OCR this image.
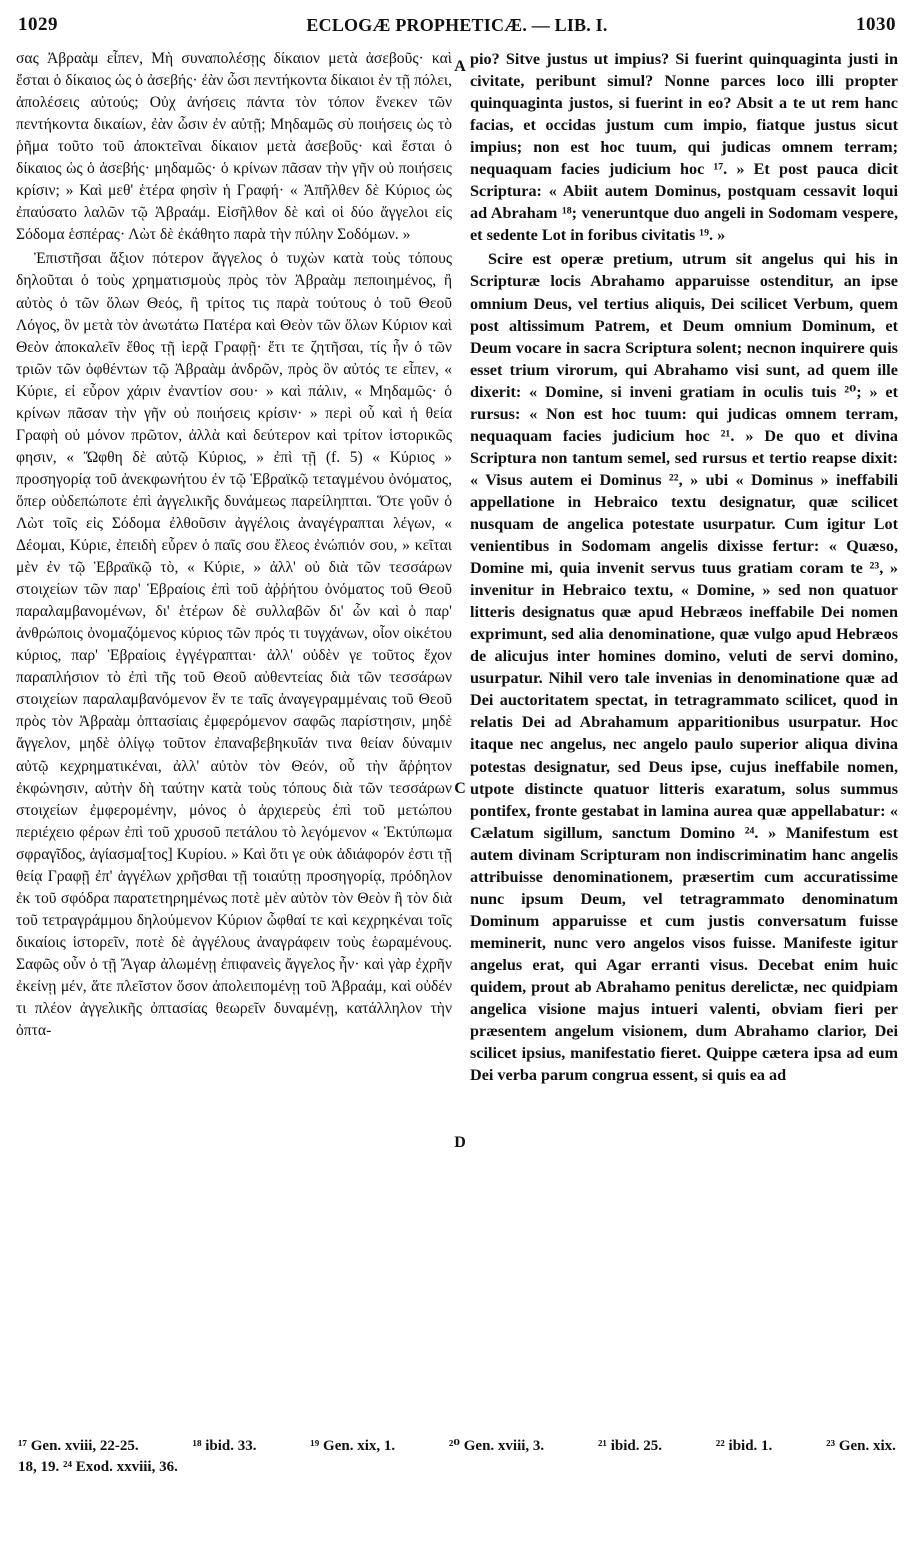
1029	ECLOGÆ PROPHETICÆ. — LIB. I.	1030

σας Ἀβραὰμ εἶπεν, Μὴ συναπολέσῃς δίκαιον μετὰ ἀσεβοῦς· καὶ ἔσται ὁ δίκαιος ὡς ὁ ἀσεβής· ἐὰν ὦσι πεντήκοντα δίκαιοι ἐν τῇ πόλει, ἀπολέσεις αὐτούς; Οὐχ ἀνήσεις πάντα τὸν τόπον ἕνεκεν τῶν πεντήκοντα δικαίων, ἐὰν ὦσιν ἐν αὐτῇ; Μηδαμῶς σὺ ποιήσεις ὡς τὸ ῥῆμα τοῦτο τοῦ ἀποκτεῖναι δίκαιον μετὰ ἀσεβοῦς· καὶ ἔσται ὁ δίκαιος ὡς ὁ ἀσεβής· μηδαμῶς· ὁ κρίνων πᾶσαν τὴν γῆν οὐ ποιήσεις κρίσιν; » Καὶ μεθ' ἑτέρα φησὶν ἡ Γραφή· « Ἀπῆλθεν δὲ Κύριος ὡς ἐπαύσατο λαλῶν τῷ Ἀβραάμ. Εἰσῆλθον δὲ καὶ οἱ δύο ἄγγελοι εἰς Σόδομα ἑσπέρας· Λὼτ δὲ ἐκάθητο παρὰ τὴν πύλην Σοδόμων. »

Ἐπιστῆσαι ἄξιον πότερον ἄγγελος ὁ τυχὼν κατὰ τοὺς τόπους δηλοῦται ὁ τοὺς χρηματισμοὺς πρὸς τὸν Ἀβραὰμ πεποιημένος, ἢ αὐτὸς ὁ τῶν ὅλων Θεός, ἢ τρίτος τις παρὰ τούτους ὁ τοῦ Θεοῦ Λόγος, ὃν μετὰ τὸν ἀνωτάτω Πατέρα καὶ Θεὸν τῶν ὅλων Κύριον καὶ Θεὸν ἀποκαλεῖν ἔθος τῇ ἱερᾷ Γραφῇ· ἔτι τε ζητῆσαι, τίς ἦν ὁ τῶν τριῶν τῶν ὀφθέντων τῷ Ἀβραὰμ ἀνδρῶν, πρὸς ὃν αὐτός τε εἶπεν, « Κύριε, εἰ εὗρον χάριν ἐναντίον σου· » καὶ πάλιν, « Μηδαμῶς· ὁ κρίνων πᾶσαν τὴν γῆν οὐ ποιήσεις κρίσιν· » περὶ οὗ καὶ ἡ θεία Γραφὴ οὐ μόνον πρῶτον, ἀλλὰ καὶ δεύτερον καὶ τρίτον ἱστορικῶς φησιν, « Ὤφθη δὲ αὐτῷ Κύριος, » ἐπὶ τῇ (f. 5) « Κύριος » προσηγορίᾳ τοῦ ἀνεκφωνήτου ἐν τῷ Ἑβραϊκῷ τεταγμένου ὀνόματος, ὅπερ οὐδεπώποτε ἐπὶ ἀγγελικῆς δυνάμεως παρείληπται. Ὅτε γοῦν ὁ Λὼτ τοῖς εἰς Σόδομα ἐλθοῦσιν ἀγγέλοις ἀναγέγραπται λέγων, « Δέομαι, Κύριε, ἐπειδὴ εὗρεν ὁ παῖς σου ἔλεος ἐνώπιόν σου, » κεῖται μὲν ἐν τῷ Ἑβραϊκῷ τὸ, « Κύριε, » ἀλλ' οὐ διὰ τῶν τεσσάρων στοιχείων τῶν παρ' Ἑβραίοις ἐπὶ τοῦ ἀῤῥήτου ὀνόματος τοῦ Θεοῦ παραλαμβανομένων, δι' ἑτέρων δὲ συλλαβῶν δι' ὧν καὶ ὁ παρ' ἀνθρώποις ὀνομαζόμενος κύριος τῶν πρός τι τυγχάνων, οἷον οἰκέτου κύριος, παρ' Ἑβραίοις ἐγγέγραπται· ἀλλ' οὐδὲν γε τοῦτος ἔχον παραπλήσιον τὸ ἐπὶ τῆς τοῦ Θεοῦ αὐθεντείας διὰ τῶν τεσσάρων στοιχείων παραλαμβανόμενον ἔν τε ταῖς ἀναγεγραμμέναις τοῦ Θεοῦ πρὸς τὸν Ἀβραὰμ ὀπτασίαις ἐμφερόμενον σαφῶς παρίστησιν, μηδὲ ἄγγελον, μηδὲ ὀλίγῳ τοῦτον ἐπαναβεβηκυῖάν τινα θείαν δύναμιν αὐτῷ κεχρηματικέναι, ἀλλ' αὐτὸν τὸν Θεόν, οὗ τὴν ἄῤῥητον ἐκφώνησιν, αὐτὴν δὴ ταύτην κατὰ τοὺς τόπους διὰ τῶν τεσσάρων στοιχείων ἐμφερομένην, μόνος ὁ ἀρχιερεὺς ἐπὶ τοῦ μετώπου περιέχειο φέρων ἐπὶ τοῦ χρυσοῦ πετάλου τὸ λεγόμενον « Ἐκτύπωμα σφραγῖδος, ἁγίασμα[τος] Κυρίου. » Καὶ ὅτι γε οὐκ ἀδιάφορόν ἐστι τῇ θείᾳ Γραφῇ ἐπ' ἀγγέλων χρῆσθαι τῇ τοιαύτῃ προσηγορίᾳ, πρόδηλον ἐκ τοῦ σφόδρα παρατετηρημένως ποτὲ μὲν αὐτὸν τὸν Θεὸν ἢ τὸν διὰ τοῦ τετραγράμμου δηλούμενον Κύριον ὦφθαί τε καὶ κεχρηκέναι τοῖς δικαίοις ἱστορεῖν, ποτὲ δὲ ἀγγέλους ἀναγράφειν τοὺς ἑωραμένους. Σαφῶς οὖν ὁ τῇ Ἄγαρ ἀλωμένῃ ἐπιφανεὶς ἄγγελος ἦν· καὶ γὰρ ἐχρῆν ἐκείνῃ μέν, ἅτε πλεῖστον ὅσον ἀπολειπομένῃ τοῦ Ἀβραάμ, καὶ οὐδέν τι πλέον ἀγγελικῆς ὀπτασίας θεωρεῖν δυναμένῃ, κατάλληλον τὴν ὀπτα-

A
C
D

pio? Sitve justus ut impius? Si fuerint quinquaginta justi in civitate, peribunt simul? Nonne parces loco illi propter quinquaginta justos, si fuerint in eo? Absit a te ut rem hanc facias, et occidas justum cum impio, fiatque justus sicut impius; non est hoc tuum, qui judicas omnem terram; nequaquam facies judicium hoc ¹⁷. » Et post pauca dicit Scriptura: « Abiit autem Dominus, postquam cessavit loqui ad Abraham ¹⁸; veneruntque duo angeli in Sodomam vespere, et sedente Lot in foribus civitatis ¹⁹. »

Scire est operæ pretium, utrum sit angelus qui his in Scripturæ locis Abrahamo apparuisse ostenditur, an ipse omnium Deus, vel tertius aliquis, Dei scilicet Verbum, quem post altissimum Patrem, et Deum omnium Dominum, et Deum vocare in sacra Scriptura solent; necnon inquirere quis esset trium virorum, qui Abrahamo visi sunt, ad quem ille dixerit: « Domine, si inveni gratiam in oculis tuis ²⁰; » et rursus: « Non est hoc tuum: qui judicas omnem terram, nequaquam facies judicium hoc ²¹. » De quo et divina Scriptura non tantum semel, sed rursus et tertio reapse dixit: « Visus autem ei Dominus ²², » ubi « Dominus » ineffabili appellatione in Hebraico textu designatur, quæ scilicet nusquam de angelica potestate usurpatur. Cum igitur Lot venientibus in Sodomam angelis dixisse fertur: « Quæso, Domine mi, quia invenit servus tuus gratiam coram te ²³, » invenitur in Hebraico textu, « Domine, » sed non quatuor litteris designatus quæ apud Hebræos ineffabile Dei nomen exprimunt, sed alia denominatione, quæ vulgo apud Hebræos de alicujus inter homines domino, veluti de servi domino, usurpatur. Nihil vero tale invenias in denominatione quæ ad Dei auctoritatem spectat, in tetragrammato scilicet, quod in relatis Dei ad Abrahamum apparitionibus usurpatur. Hoc itaque nec angelus, nec angelo paulo superior aliqua divina potestas designatur, sed Deus ipse, cujus ineffabile nomen, utpote distincte quatuor litteris exaratum, solus summus pontifex, fronte gestabat in lamina aurea quæ appellabatur: « Cælatum sigillum, sanctum Domino ²⁴. » Manifestum est autem divinam Scripturam non indiscriminatim hanc angelis attribuisse denominationem, præsertim cum accuratissime nunc ipsum Deum, vel tetragrammato denominatum Dominum apparuisse et cum justis conversatum fuisse meminerit, nunc vero angelos visos fuisse. Manifeste igitur angelus erat, qui Agar erranti visus. Decebat enim huic quidem, prout ab Abrahamo penitus derelictæ, nec quidpiam angelica visione majus intueri valenti, obviam fieri per præsentem angelum visionem, dum Abrahamo clarior, Dei scilicet ipsius, manifestatio fieret. Quippe cætera ipsa ad eum Dei verba parum congrua essent, si quis ea ad

¹⁷ Gen. xviii, 22-25.	¹⁸ ibid. 33.	¹⁹ Gen. xix, 1.	²⁰ Gen. xviii, 3.	²¹ ibid. 25.	²² ibid. 1.	²³ Gen. xix.
18, 19. ²⁴ Exod. xxviii, 36.
